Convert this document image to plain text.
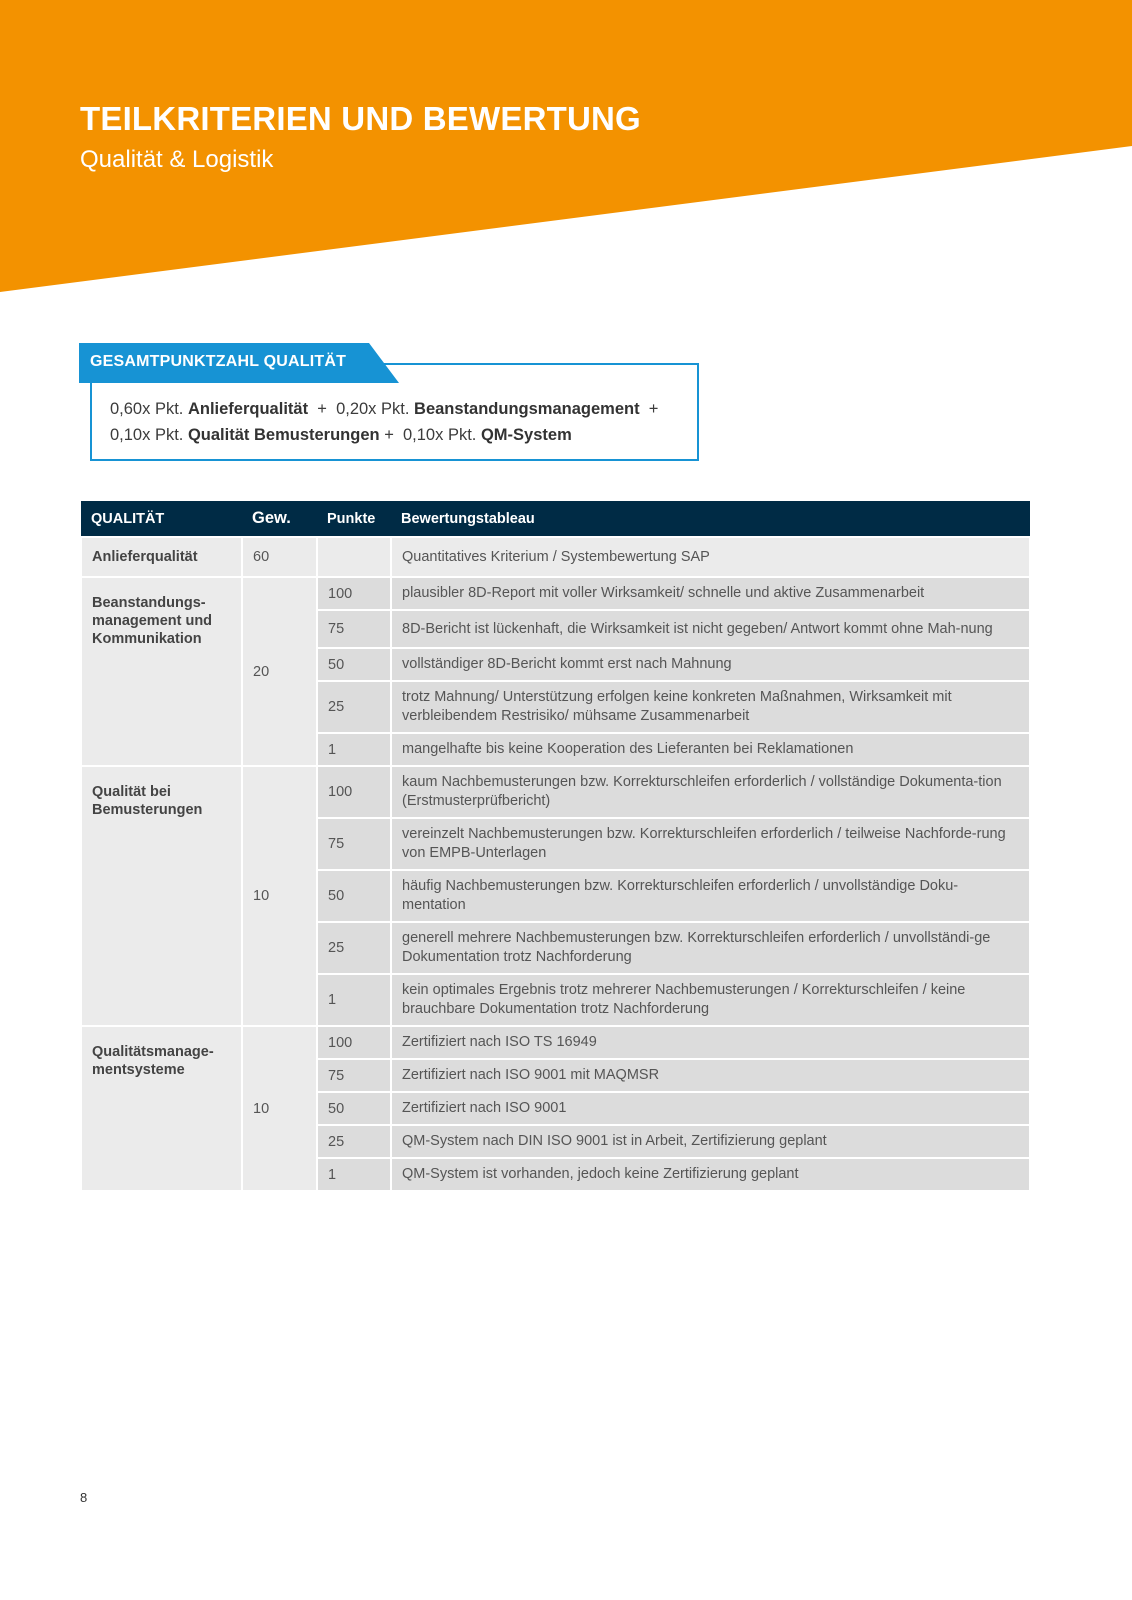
TEILKRITERIEN UND BEWERTUNG

Qualität & Logistik

GESAMTPUNKTZAHL QUALITÄT
0,60x Pkt. Anlieferqualität + 0,20x Pkt. Beanstandungsmanagement +
0,10x Pkt. Qualität Bemusterungen + 0,10x Pkt. QM-System
QUALITÄT	Gew.	Punkte	Bewertungstableau
Anlieferqualität	60		Quantitatives Kriterium / Systembewertung SAP
Beanstandungs-
management und
Kommunikation	20	100	plausibler 8D-Report mit voller Wirksamkeit/ schnelle und aktive Zusammenarbeit
		75	8D-Bericht ist lückenhaft, die Wirksamkeit ist nicht gegeben/ Antwort kommt ohne Mah-nung
		50	vollständiger 8D-Bericht kommt erst nach Mahnung
		25	trotz Mahnung/ Unterstützung erfolgen keine konkreten Maßnahmen, Wirksamkeit mit verbleibendem Restrisiko/ mühsame Zusammenarbeit
		1	mangelhafte bis keine Kooperation des Lieferanten bei Reklamationen
Qualität bei
Bemusterungen	10	100	kaum Nachbemusterungen bzw. Korrekturschleifen erforderlich / vollständige Dokumenta-tion (Erstmusterprüfbericht)
		75	vereinzelt Nachbemusterungen bzw. Korrekturschleifen erforderlich / teilweise Nachforde-rung von EMPB-Unterlagen
		50	häufig Nachbemusterungen bzw. Korrekturschleifen erforderlich / unvollständige Doku-mentation
		25	generell mehrere Nachbemusterungen bzw. Korrekturschleifen erforderlich / unvollständi-ge Dokumentation trotz Nachforderung
		1	kein optimales Ergebnis trotz mehrerer Nachbemusterungen / Korrekturschleifen / keine brauchbare Dokumentation trotz Nachforderung
Qualitätsmanage-
mentsysteme	10	100	Zertifiziert nach ISO TS 16949
		75	Zertifiziert nach ISO 9001 mit MAQMSR
		50	Zertifiziert nach ISO 9001
		25	QM-System nach DIN ISO 9001 ist in Arbeit, Zertifizierung geplant
		1	QM-System ist vorhanden, jedoch keine Zertifizierung geplant
8
